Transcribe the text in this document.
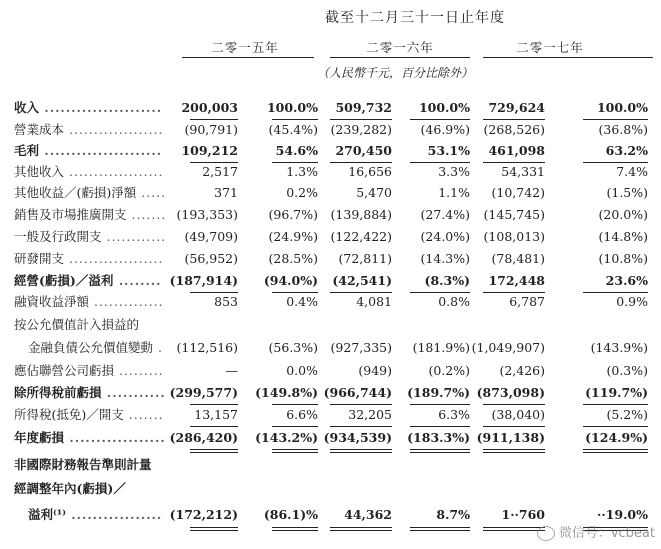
截至十二月三十一日止年度
二零一五年	二零一六年	二零一七年
（人民幣千元，百分比除外）
收入 ...................... 200,003 100.0% 509,732 100.0% 729,624	100.0%
營業成本 ................... (90,791) (45.4%) (239,282) (46.9%) (268,526)	(36.8%)
毛利 ...................... 109,212	54.6% 270,450	53.1% 461,098	63.2%
其他收入 ...................	2,517	1.3% 16,656	3.3%	54,331	7.4%
其他收益／(虧損)淨額 .....	371	0.2%	5,470	1.1% (10,742)	(1.5%)
銷售及市場推廣開支 ....... (193,353) (96.7%) (139,884) (27.4%) (145,745)	(20.0%)
一般及行政開支 ............ (49,709) (24.9%) (122,422) (24.0%) (108,013)	(14.8%)
研發開支 ................... (56,952) (28.5%) (72,811) (14.3%) (78,481)	(10.8%)
經營(虧損)／溢利 ........ (187,914) (94.0%) (42,541)	(8.3%) 172,448	23.6%
融資收益淨額 ..............	853	0.4%	4,081	0.8%	6,787	0.9%
按公允價值計入損益的
金融負債公允價值變動 . (112,516) (56.3%) (927,335) (181.9%) (1,049,907)	(143.9%)
應佔聯營公司虧損 .........	—	0.0%	(949)	(0.2%) (2,426)	(0.3%)
除所得稅前虧損 ........... (299,577) (149.8%) (966,744) (189.7%) (873,098)	(119.7%)
所得稅(抵免)／開支 ....... 13,157	6.6% 32,205	6.3% (38,040)	(5.2%)
年度虧損 .................. (286,420) (143.2%) (934,539) (183.3%) (911,138)	(124.9%)
非國際財務報告準則計量
經調整年內(虧損)／
溢利⁽¹⁾ ................. (172,212) (86.1)% 44,362	8.7%	1··760	··19.0%
微信号：vcbeat
